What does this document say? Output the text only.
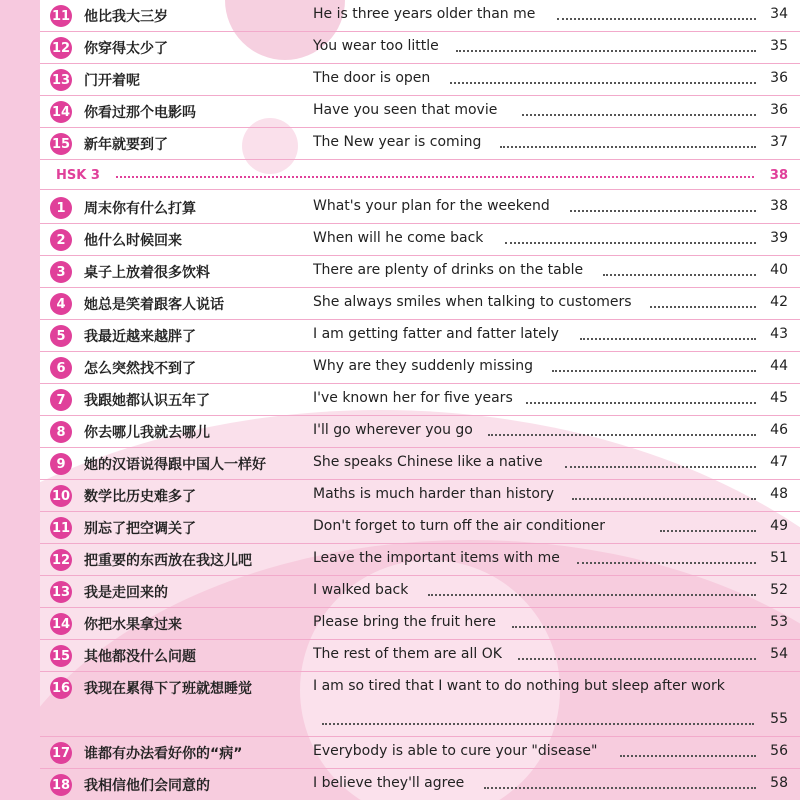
11 他比我大三岁	He is three years older than me	34
12 你穿得太少了	You wear too little	35
13 门开着呢	The door is open	36
14 你看过那个电影吗	Have you seen that movie	36
15 新年就要到了	The New year is coming	37
HSK 3	38
1	周末你有什么打算	What's your plan for the weekend	38
2	他什么时候回来	When will he come back	39
3	桌子上放着很多饮料	There are plenty of drinks on the table	40
4	她总是笑着跟客人说话	She always smiles when talking to customers	42
5	我最近越来越胖了	I am getting fatter and fatter lately	43
6	怎么突然找不到了	Why are they suddenly missing	44
7	我跟她都认识五年了	I've known her for five years	45
8	你去哪儿我就去哪儿	I'll go wherever you go	46
9	她的汉语说得跟中国人一样好	She speaks Chinese like a native	47
10 数学比历史难多了	Maths is much harder than history	48
11 别忘了把空调关了	Don't forget to turn off the air conditioner	49
12 把重要的东西放在我这儿吧	Leave the important items with me	51
13 我是走回来的	I walked back	52
14 你把水果拿过来	Please bring the fruit here	53
15 其他都没什么问题	The rest of them are all OK	54
16 我现在累得下了班就想睡觉	I am so tired that I want to do nothing but sleep after work
55
17 谁都有办法看好你的“病”	Everybody is able to cure your "disease"	56
18 我相信他们会同意的	I believe they'll agree	58
